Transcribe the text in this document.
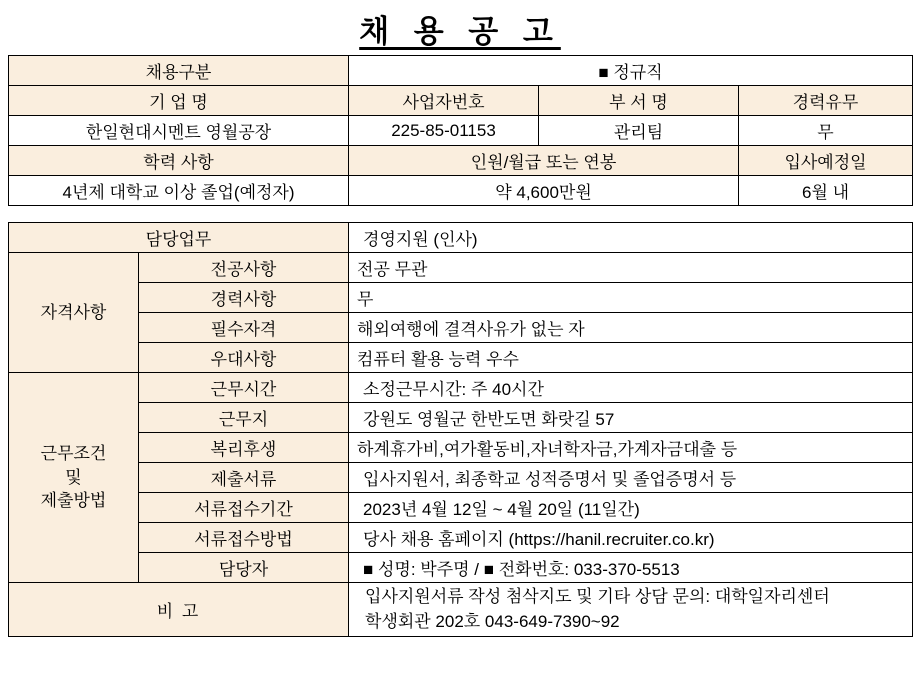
채 용 공 고
채용구분	■ 정규직		
기 업 명	사업자번호	부 서 명	경력유무
한일현대시멘트 영월공장	225-85-01153	관리팀	무
학력 사항	인원/월급 또는 연봉		입사예정일
4년제 대학교 이상 졸업(예정자)	약 4,600만원		6월 내
담당업무		경영지원 (인사)
자격사항	전공사항	전공 무관
	경력사항	무
	필수자격	해외여행에 결격사유가 없는 자
	우대사항	컴퓨터 활용 능력 우수

근무조건
및
제출방법	근무시간	소정근무시간: 주 40시간
	근무지	강원도 영월군 한반도면 화랏길 57
	복리후생	하계휴가비,여가활동비,자녀학자금,가계자금대출 등
	제출서류	입사지원서, 최종학교 성적증명서 및 졸업증명서 등
	서류접수기간	2023년 4월 12일 ~ 4월 20일 (11일간)
	서류접수방법	당사 채용 홈페이지 (https://hanil.recruiter.co.kr)
	담당자	■ 성명: 박주명 / ■ 전화번호: 033-370-5513
비 고		입사지원서류 작성 첨삭지도 및 기타 상담 문의: 대학일자리센터
학생회관 202호 043-649-7390~92
